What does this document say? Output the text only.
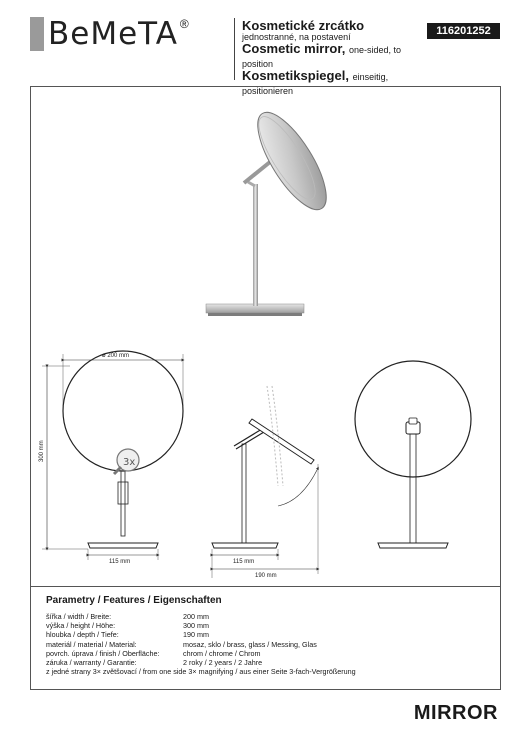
BeMeTA ®	Kosmetické zrcátko
jednostranné, na postavení
Cosmetic mirror, one-sided, to position
Kosmetikspiegel, einseitig, positionieren
116201252
3x
ø 200 mm
300 mm
115 mm	115 mm
190 mm
Parametry / Features / Eigenschaften
šířka / width / Breite:	200 mm
výška / height / Höhe:	300 mm
hloubka / depth / Tiefe:	190 mm
materiál / material / Material:	mosaz, sklo / brass, glass / Messing, Glas
povrch. úprava / finish / Oberfläche:	chrom / chrome / Chrom
záruka / warranty / Garantie:	2 roky / 2 years / 2 Jahre
z jedné strany 3× zvětšovací / from one side 3× magnifying / aus einer Seite 3-fach-Vergrößerung
MIRROR
